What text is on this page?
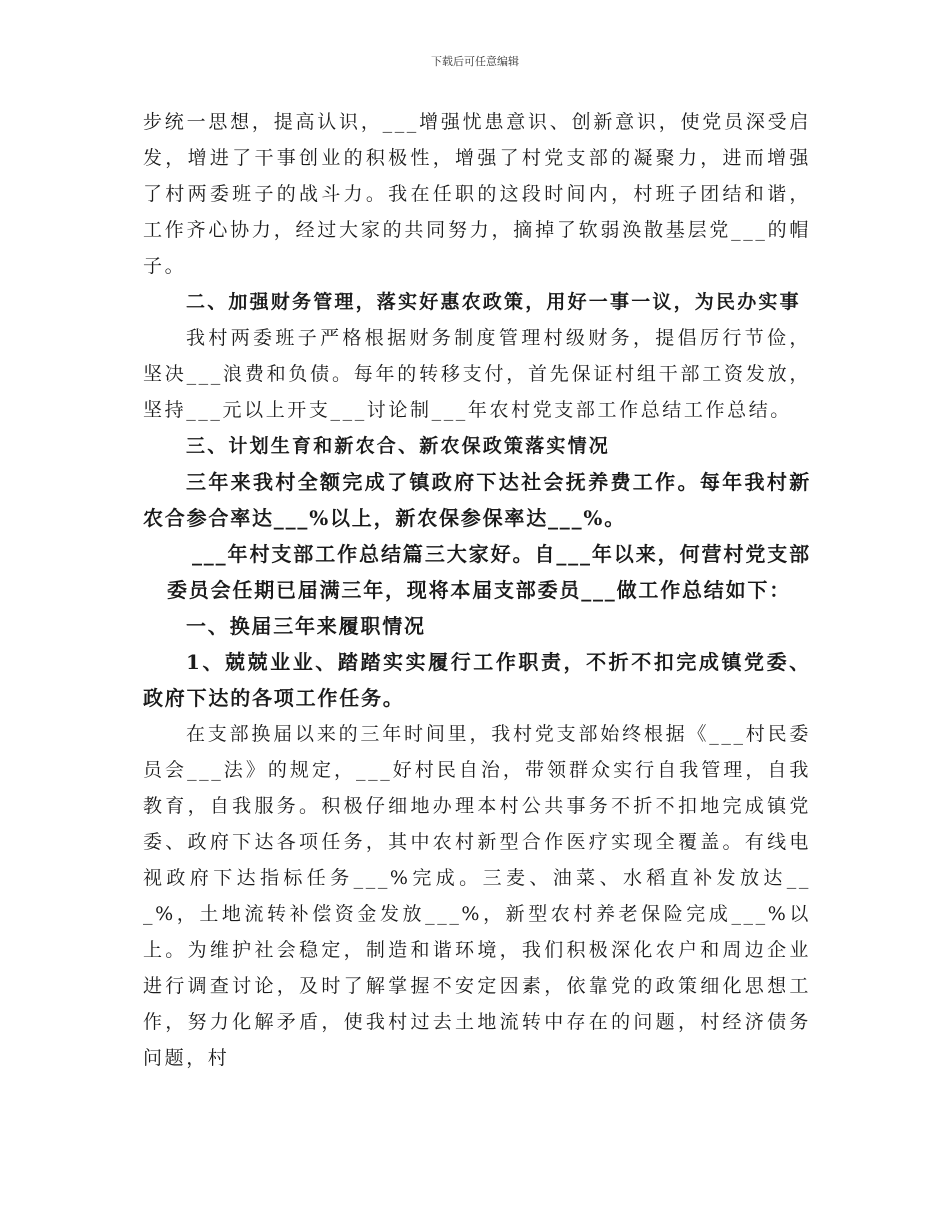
下载后可任意编辑

步统一思想，提高认识，___增强忧患意识、创新意识，使党员深受启发，增进了干事创业的积极性，增强了村党支部的凝聚力，进而增强了村两委班子的战斗力。我在任职的这段时间内，村班子团结和谐，工作齐心协力，经过大家的共同努力，摘掉了软弱涣散基层党___的帽子。

二、加强财务管理，落实好惠农政策，用好一事一议，为民办实事

我村两委班子严格根据财务制度管理村级财务，提倡厉行节俭，坚决___浪费和负债。每年的转移支付，首先保证村组干部工资发放，坚持___元以上开支___讨论制___年农村党支部工作总结工作总结。

三、计划生育和新农合、新农保政策落实情况

三年来我村全额完成了镇政府下达社会抚养费工作。每年我村新农合参合率达___%以上，新农保参保率达___%。

___年村支部工作总结篇三大家好。自___年以来，何营村党支部委员会任期已届满三年，现将本届支部委员___做工作总结如下：

一、换届三年来履职情况

1、兢兢业业、踏踏实实履行工作职责，不折不扣完成镇党委、政府下达的各项工作任务。

在支部换届以来的三年时间里，我村党支部始终根据《___村民委员会___法》的规定，___好村民自治，带领群众实行自我管理，自我教育，自我服务。积极仔细地办理本村公共事务不折不扣地完成镇党委、政府下达各项任务，其中农村新型合作医疗实现全覆盖。有线电视政府下达指标任务___%完成。三麦、油菜、水稻直补发放达___%，土地流转补偿资金发放___%，新型农村养老保险完成___%以上。为维护社会稳定，制造和谐环境，我们积极深化农户和周边企业进行调查讨论，及时了解掌握不安定因素，依靠党的政策细化思想工作，努力化解矛盾，使我村过去土地流转中存在的问题，村经济债务问题，村
